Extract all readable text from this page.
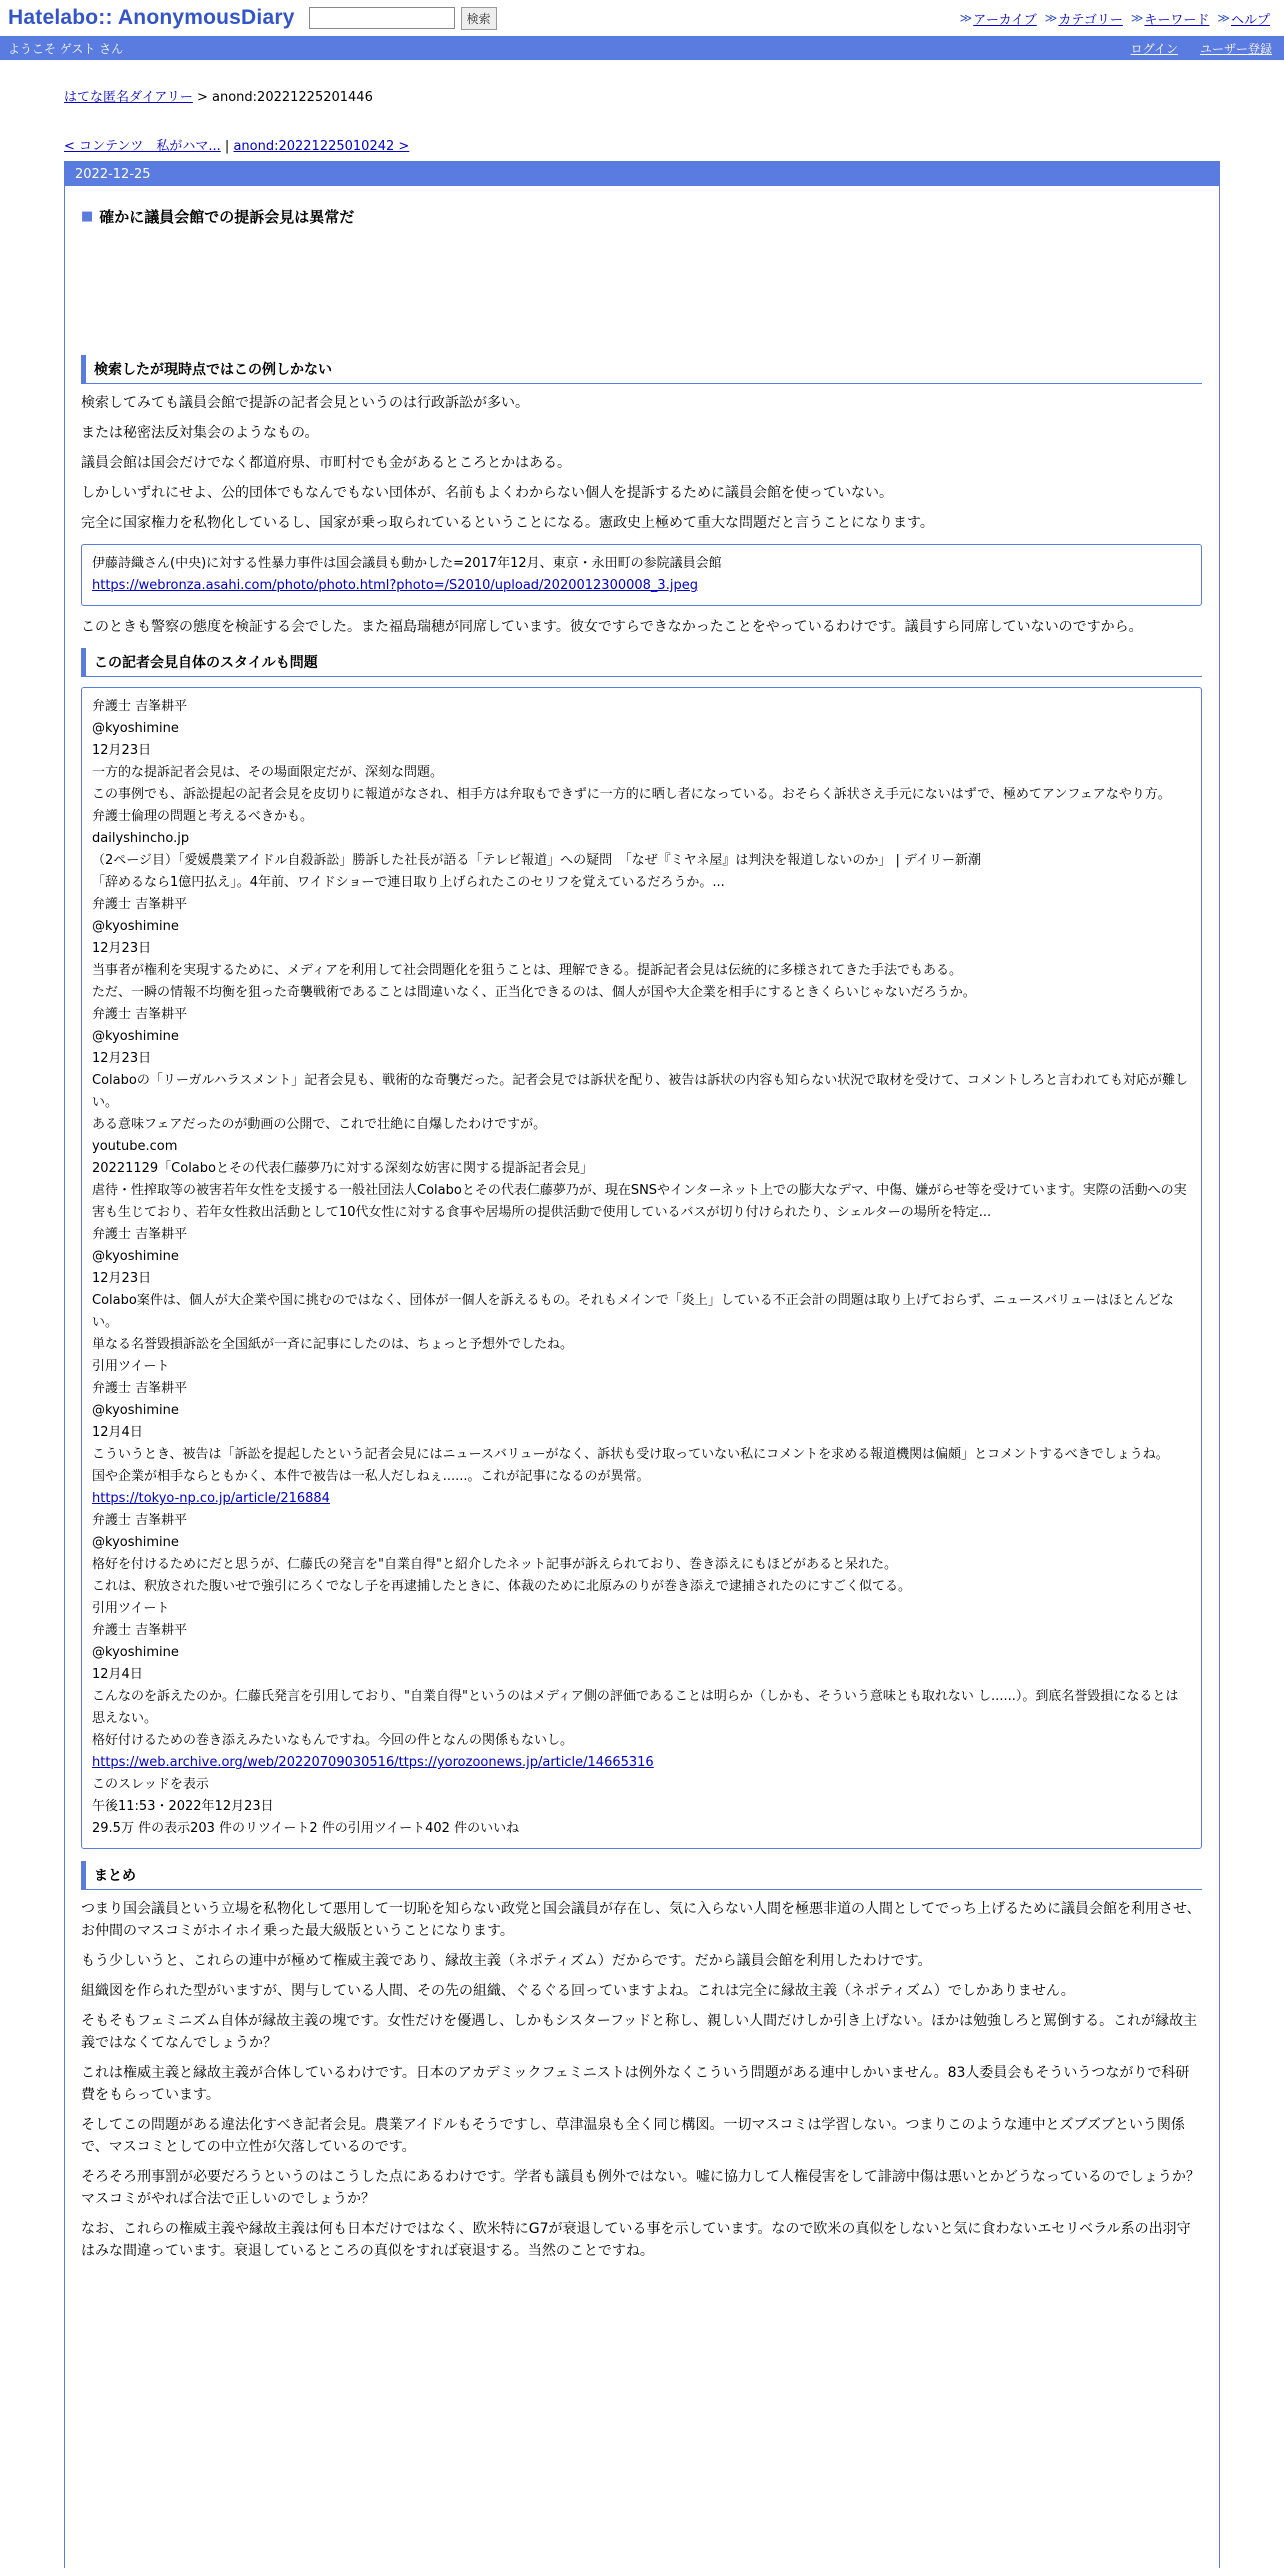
Hatelabo:: AnonymousDiary	検索	≫ アーカイブ ≫ カテゴリー ≫ キーワード ≫ ヘルプ
ようこそ ゲスト さん	ログイン ユーザー登録
はてな匿名ダイアリー > anond:20221225201446
< コンテンツ　私がハマ... | anond:20221225010242 >
2022-12-25
■ 確かに議員会館での提訴会見は異常だ
検索したが現時点ではこの例しかない

検索してみても議員会館で提訴の記者会見というのは行政訴訟が多い。

または秘密法反対集会のようなもの。

議員会館は国会だけでなく都道府県、市町村でも金があるところとかはある。

しかしいずれにせよ、公的団体でもなんでもない団体が、名前もよくわからない個人を提訴するために議員会館を使っていない。

完全に国家権力を私物化しているし、国家が乗っ取られているということになる。憲政史上極めて重大な問題だと言うことになります。

伊藤詩織さん(中央)に対する性暴力事件は国会議員も動かした=2017年12月、東京・永田町の参院議員会館
https://webronza.asahi.com/photo/photo.html?photo=/S2010/upload/2020012300008_3.jpeg

このときも警察の態度を検証する会でした。また福島瑞穂が同席しています。彼女ですらできなかったことをやっているわけです。議員すら同席していないのですから。

この記者会見自体のスタイルも問題
弁護士 吉峯耕平
@kyoshimine
12月23日
一方的な提訴記者会見は、その場面限定だが、深刻な問題。
この事例でも、訴訟提起の記者会見を皮切りに報道がなされ、相手方は弁取もできずに一方的に晒し者になっている。おそらく訴状さえ手元にないはずで、極めてアンフェアなやり方。
弁護士倫理の問題と考えるべきかも。
dailyshincho.jp
（2ページ目）「愛媛農業アイドル自殺訴訟」勝訴した社長が語る「テレビ報道」への疑問　「なぜ『ミヤネ屋』は判決を報道しないのか」 | デイリー新潮
「辞めるなら1億円払え」。4年前、ワイドショーで連日取り上げられたこのセリフを覚えているだろうか。...
弁護士 吉峯耕平
@kyoshimine
12月23日
当事者が権利を実現するために、メディアを利用して社会問題化を狙うことは、理解できる。提訴記者会見は伝統的に多様されてきた手法でもある。
ただ、一瞬の情報不均衡を狙った奇襲戦術であることは間違いなく、正当化できるのは、個人が国や大企業を相手にするときくらいじゃないだろうか。
弁護士 吉峯耕平
@kyoshimine
12月23日
Colaboの「リーガルハラスメント」記者会見も、戦術的な奇襲だった。記者会見では訴状を配り、被告は訴状の内容も知らない状況で取材を受けて、コメントしろと言われても対応が難しい。
ある意味フェアだったのが動画の公開で、これで壮絶に自爆したわけですが。
youtube.com
20221129「Colaboとその代表仁藤夢乃に対する深刻な妨害に関する提訴記者会見」
虐待・性搾取等の被害若年女性を支援する一般社団法人Colaboとその代表仁藤夢乃が、現在SNSやインターネット上での膨大なデマ、中傷、嫌がらせ等を受けています。実際の活動への実害も生じており、若年女性救出活動として10代女性に対する食事や居場所の提供活動で使用しているバスが切り付けられたり、シェルターの場所を特定...
弁護士 吉峯耕平
@kyoshimine
12月23日
Colabo案件は、個人が大企業や国に挑むのではなく、団体が一個人を訴えるもの。それもメインで「炎上」している不正会計の問題は取り上げておらず、ニュースバリューはほとんどない。
単なる名誉毀損訴訟を全国紙が一斉に記事にしたのは、ちょっと予想外でしたね。
引用ツイート
弁護士 吉峯耕平
@kyoshimine
12月4日
こういうとき、被告は「訴訟を提起したという記者会見にはニュースバリューがなく、訴状も受け取っていない私にコメントを求める報道機関は偏頗」とコメントするべきでしょうね。
国や企業が相手ならともかく、本件で被告は一私人だしねぇ......。これが記事になるのが異常。
https://tokyo-np.co.jp/article/216884
弁護士 吉峯耕平
@kyoshimine
格好を付けるためにだと思うが、仁藤氏の発言を"自業自得"と紹介したネット記事が訴えられており、巻き添えにもほどがあると呆れた。
これは、釈放された腹いせで強引にろくでなし子を再逮捕したときに、体裁のために北原みのりが巻き添えで逮捕されたのにすごく似てる。
引用ツイート
弁護士 吉峯耕平
@kyoshimine
12月4日
こんなのを訴えたのか。仁藤氏発言を引用しており、"自業自得"というのはメディア側の評価であることは明らか（しかも、そういう意味とも取れない し......）。到底名誉毀損になるとは思えない。
格好付けるための巻き添えみたいなもんですね。今回の件となんの関係もないし。
https://web.archive.org/web/20220709030516/ttps://yorozoonews.jp/article/14665316
このスレッドを表示
午後11:53・2022年12月23日
29.5万 件の表示203 件のリツイート2 件の引用ツイート402 件のいいね
まとめ

つまり国会議員という立場を私物化して悪用して一切恥を知らない政党と国会議員が存在し、気に入らない人間を極悪非道の人間としてでっち上げるために議員会館を利用させ、お仲間のマスコミがホイホイ乗った最大級版ということになります。

もう少しいうと、これらの連中が極めて権威主義であり、縁故主義（ネポティズム）だからです。だから議員会館を利用したわけです。

組織図を作られた型がいますが、関与している人間、その先の組織、ぐるぐる回っていますよね。これは完全に縁故主義（ネポティズム）でしかありません。

そもそもフェミニズム自体が縁故主義の塊です。女性だけを優遇し、しかもシスターフッドと称し、親しい人間だけしか引き上げない。ほかは勉強しろと罵倒する。これが縁故主義ではなくてなんでしょうか？

これは権威主義と縁故主義が合体しているわけです。日本のアカデミックフェミニストは例外なくこういう問題がある連中しかいません。83人委員会もそういうつながりで科研費をもらっています。

そしてこの問題がある違法化すべき記者会見。農業アイドルもそうですし、草津温泉も全く同じ構図。一切マスコミは学習しない。つまりこのような連中とズブズブという関係で、マスコミとしての中立性が欠落しているのです。

そろそろ刑事罰が必要だろうというのはこうした点にあるわけです。学者も議員も例外ではない。嘘に協力して人権侵害をして誹謗中傷は悪いとかどうなっているのでしょうか？マスコミがやれば合法で正しいのでしょうか？

なお、これらの権威主義や縁故主義は何も日本だけではなく、欧米特にG7が衰退している事を示しています。なので欧米の真似をしないと気に食わないエセリベラル系の出羽守はみな間違っています。衰退しているところの真似をすれば衰退する。当然のことですね。
